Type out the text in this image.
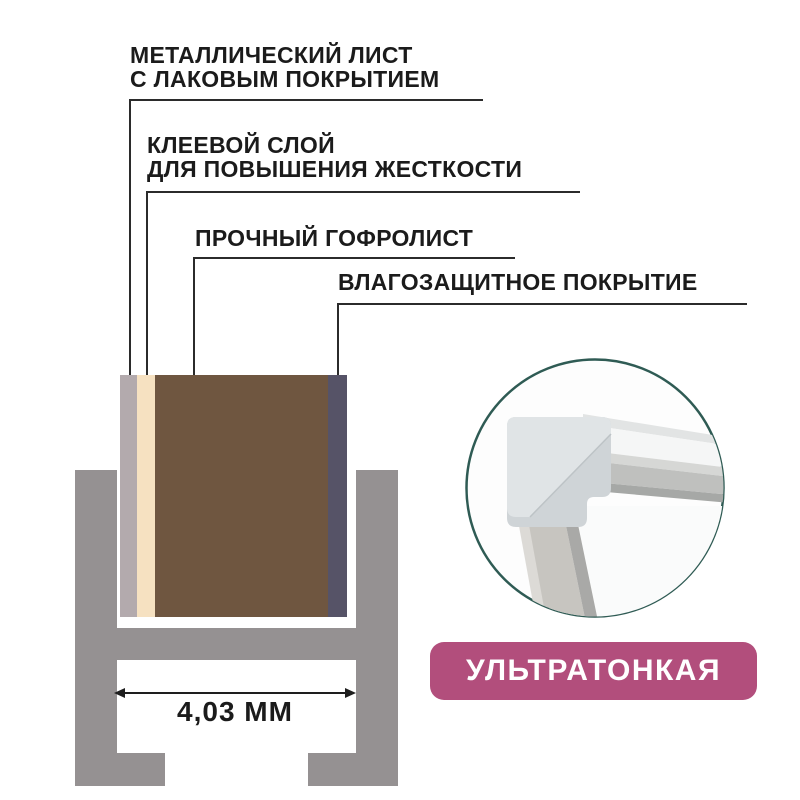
МЕТАЛЛИЧЕСКИЙ ЛИСТ
С ЛАКОВЫМ ПОКРЫТИЕМ
КЛЕЕВОЙ СЛОЙ
ДЛЯ ПОВЫШЕНИЯ ЖЕСТКОСТИ
ПРОЧНЫЙ ГОФРОЛИСТ
ВЛАГОЗАЩИТНОЕ ПОКРЫТИЕ
4,03 ММ
УЛЬТРАТОНКАЯ
